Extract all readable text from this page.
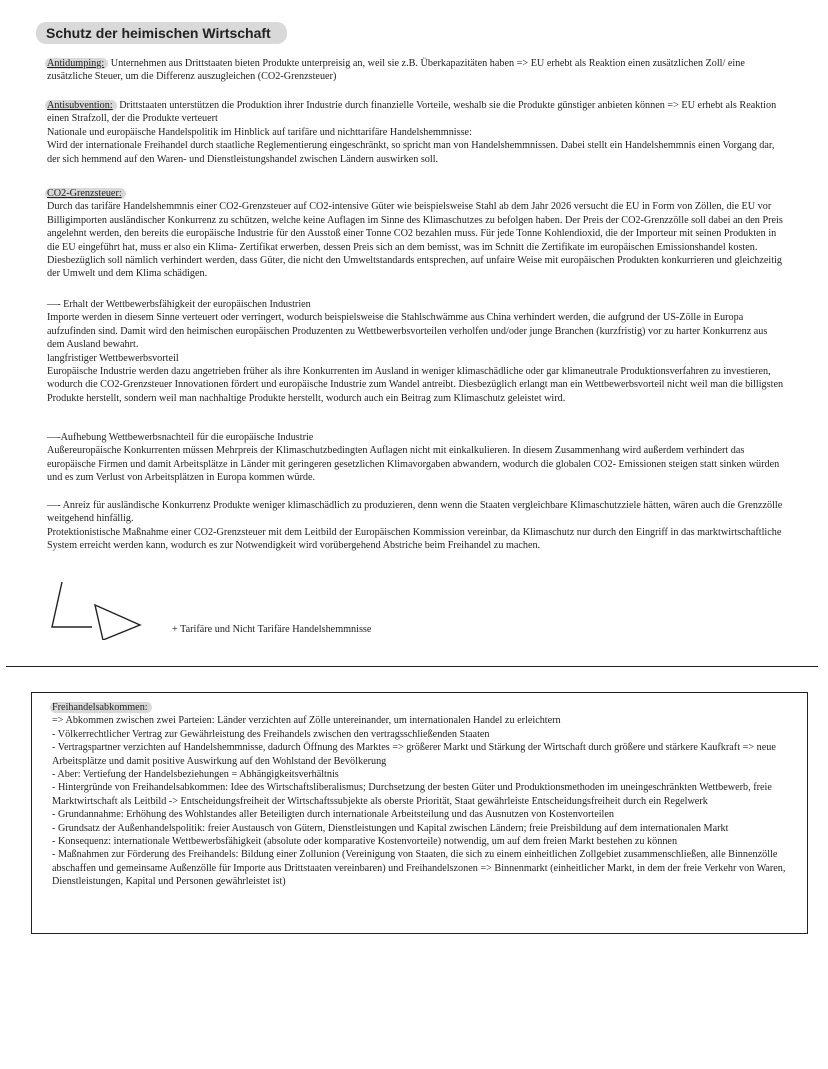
Schutz der heimischen Wirtschaft

Antidumping: Unternehmen aus Drittstaaten bieten Produkte unterpreisig an, weil sie z.B. Überkapazitäten haben => EU erhebt als Reaktion einen zusätzlichen Zoll/ eine zusätzliche Steuer, um die Differenz auszugleichen (CO2-Grenzsteuer)

Antisubvention: Drittstaaten unterstützen die Produktion ihrer Industrie durch finanzielle Vorteile, weshalb sie die Produkte günstiger anbieten können => EU erhebt als Reaktion einen Strafzoll, der die Produkte verteuert

Nationale und europäische Handelspolitik im Hinblick auf tarifäre und nichttarifäre Handelshemmnisse:

Wird der internationale Freihandel durch staatliche Reglementierung eingeschränkt, so spricht man von Handelshemmnissen. Dabei stellt ein Handelshemmnis einen Vorgang dar, der sich hemmend auf den Waren- und Dienstleistungshandel zwischen Ländern auswirken soll.

CO2-Grenzsteuer:

Durch das tarifäre Handelshemmnis einer CO2-Grenzsteuer auf CO2-intensive Güter wie beispielsweise Stahl ab dem Jahr 2026 versucht die EU in Form von Zöllen, die EU vor Billigimporten ausländischer Konkurrenz zu schützen, welche keine Auflagen im Sinne des Klimaschutzes zu befolgen haben. Der Preis der CO2-Grenzzölle soll dabei an den Preis angelehnt werden, den bereits die europäische Industrie für den Ausstoß einer Tonne CO2 bezahlen muss. Für jede Tonne Kohlendioxid, die der Importeur mit seinen Produkten in die EU eingeführt hat, muss er also ein Klima- Zertifikat erwerben, dessen Preis sich an dem bemisst, was im Schnitt die Zertifikate im europäischen Emissionshandel kosten. Diesbezüglich soll nämlich verhindert werden, dass Güter, die nicht den Umweltstandards entsprechen, auf unfaire Weise mit europäischen Produkten konkurrieren und gleichzeitig der Umwelt und dem Klima schädigen.

—- Erhalt der Wettbewerbsfähigkeit der europäischen Industrien

Importe werden in diesem Sinne verteuert oder verringert, wodurch beispielsweise die Stahlschwämme aus China verhindert werden, die aufgrund der US-Zölle in Europa aufzufinden sind. Damit wird den heimischen europäischen Produzenten zu Wettbewerbsvorteilen verholfen und/oder junge Branchen (kurzfristig) vor zu harter Konkurrenz aus dem Ausland bewahrt.

langfristiger Wettbewerbsvorteil

Europäische Industrie werden dazu angetrieben früher als ihre Konkurrenten im Ausland in weniger klimaschädliche oder gar klimaneutrale Produktionsverfahren zu investieren, wodurch die CO2-Grenzsteuer Innovationen fördert und europäische Industrie zum Wandel antreibt. Diesbezüglich erlangt man ein Wettbewerbsvorteil nicht weil man die billigsten Produkte herstellt, sondern weil man nachhaltige Produkte herstellt, wodurch auch ein Beitrag zum Klimaschutz geleistet wird.

—-Aufhebung Wettbewerbsnachteil für die europäische Industrie

Außereuropäische Konkurrenten müssen Mehrpreis der Klimaschutzbedingten Auflagen nicht mit einkalkulieren. In diesem Zusammenhang wird außerdem verhindert das europäische Firmen und damit Arbeitsplätze in Länder mit geringeren gesetzlichen Klimavorgaben abwandern, wodurch die globalen CO2- Emissionen steigen statt sinken würden und es zum Verlust von Arbeitsplätzen in Europa kommen würde.

—- Anreiz für ausländische Konkurrenz Produkte weniger klimaschädlich zu produzieren, denn wenn die Staaten vergleichbare Klimaschutzziele hätten, wären auch die Grenzzölle weitgehend hinfällig.

Protektionistische Maßnahme einer CO2-Grenzsteuer mit dem Leitbild der Europäischen Kommission vereinbar, da Klimaschutz nur durch den Eingriff in das marktwirtschaftliche System erreicht werden kann, wodurch es zur Notwendigkeit wird vorübergehend Abstriche beim Freihandel zu machen.

+ Tarifäre und Nicht Tarifäre Handelshemmnisse

Freihandelsabkommen:

=> Abkommen zwischen zwei Parteien: Länder verzichten auf Zölle untereinander, um internationalen Handel zu erleichtern

- Völkerrechtlicher Vertrag zur Gewährleistung des Freihandels zwischen den vertragsschließenden Staaten

- Vertragspartner verzichten auf Handelshemmnisse, dadurch Öffnung des Marktes => größerer Markt und Stärkung der Wirtschaft durch größere und stärkere Kaufkraft => neue Arbeitsplätze und damit positive Auswirkung auf den Wohlstand der Bevölkerung

- Aber: Vertiefung der Handelsbeziehungen = Abhängigkeitsverhältnis

- Hintergründe von Freihandelsabkommen: Idee des Wirtschaftsliberalismus; Durchsetzung der besten Güter und Produktionsmethoden im uneingeschränkten Wettbewerb, freie Marktwirtschaft als Leitbild -> Entscheidungsfreiheit der Wirtschaftssubjekte als oberste Priorität, Staat gewährleiste Entscheidungsfreiheit durch ein Regelwerk

- Grundannahme: Erhöhung des Wohlstandes aller Beteiligten durch internationale Arbeitsteilung und das Ausnutzen von Kostenvorteilen

- Grundsatz der Außenhandelspolitik: freier Austausch von Gütern, Dienstleistungen und Kapital zwischen Ländern; freie Preisbildung auf dem internationalen Markt

- Konsequenz: internationale Wettbewerbsfähigkeit (absolute oder komparative Kostenvorteile) notwendig, um auf dem freien Markt bestehen zu können

- Maßnahmen zur Förderung des Freihandels: Bildung einer Zollunion (Vereinigung von Staaten, die sich zu einem einheitlichen Zollgebiet zusammenschließen, alle Binnenzölle abschaffen und gemeinsame Außenzölle für Importe aus Drittstaaten vereinbaren) und Freihandelszonen => Binnenmarkt (einheitlicher Markt, in dem der freie Verkehr von Waren, Dienstleistungen, Kapital und Personen gewährleistet ist)
